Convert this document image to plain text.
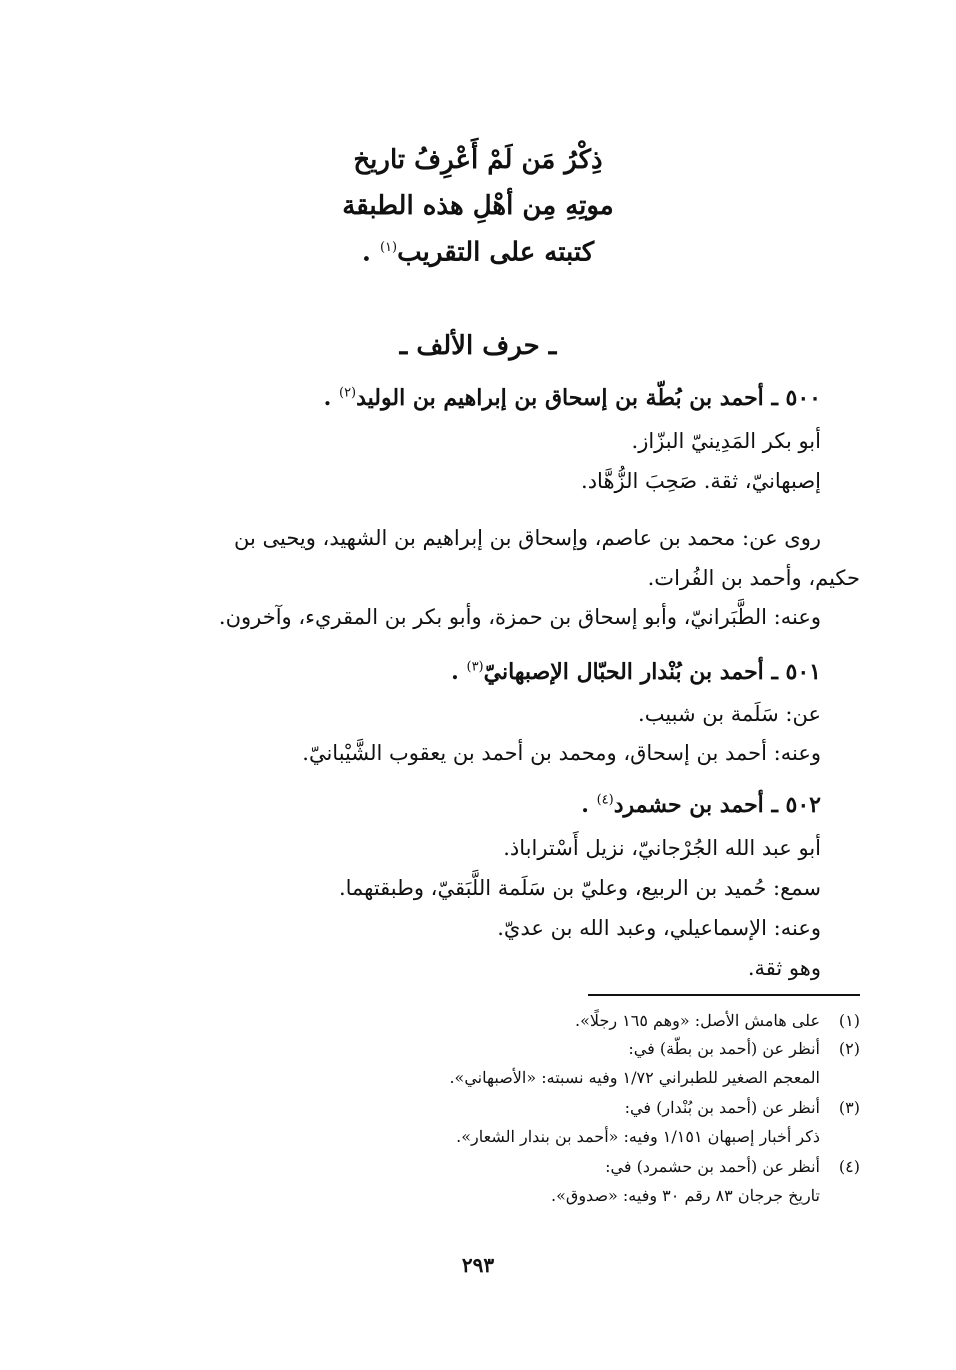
ذِكْرُ مَن لَمْ أَعْرِفُ تاريخ
موتِهِ مِن أهْلِ هذه الطبقة
كتبته على التقريب$^{(١)}$ .
ـ حرف الألف ـ
٥٠٠ ـ أحمد بن بُطّة بن إسحاق بن إبراهيم بن الوليد$^{(٢)}$ .
أبو بكر المَدِينيّ البزّاز.
إصبهانيّ، ثقة. صَحِبَ الزُّهَّاد.
روى عن: محمد بن عاصم، وإسحاق بن إبراهيم بن الشهيد، ويحيى بن
حكيم، وأحمد بن الفُرات.
وعنه: الطَّبَرانيّ، وأبو إسحاق بن حمزة، وأبو بكر بن المقريء، وآخرون.
٥٠١ ـ أحمد بن بُنْدار الحبّال الإصبهانيّ$^{(٣)}$ .
عن: سَلَمة بن شبيب.
وعنه: أحمد بن إسحاق، ومحمد بن أحمد بن يعقوب الشَّيْبانيّ.
٥٠٢ ـ أحمد بن حشمرد$^{(٤)}$ .
أبو عبد الله الجُرْجانيّ، نزيل أَسْتراباذ.
سمع: حُميد بن الربيع، وعليّ بن سَلَمة اللَّبَقيّ، وطبقتهما.
وعنه: الإسماعيلي، وعبد الله بن عديّ.
وهو ثقة.
(١)على هامش الأصل: «وهم ١٦٥ رجلًا».
(٢)أنظر عن (أحمد بن بطّة) في:
المعجم الصغير للطبراني ١/٧٢ وفيه نسبته: «الأصبهاني».
(٣)أنظر عن (أحمد بن بُنْدار) في:
ذكر أخبار إصبهان ١/١٥١ وفيه: «أحمد بن بندار الشعار».
(٤)أنظر عن (أحمد بن حشمرد) في:
تاريخ جرجان ٨٣ رقم ٣٠ وفيه: «صدوق».
٢٩٣
